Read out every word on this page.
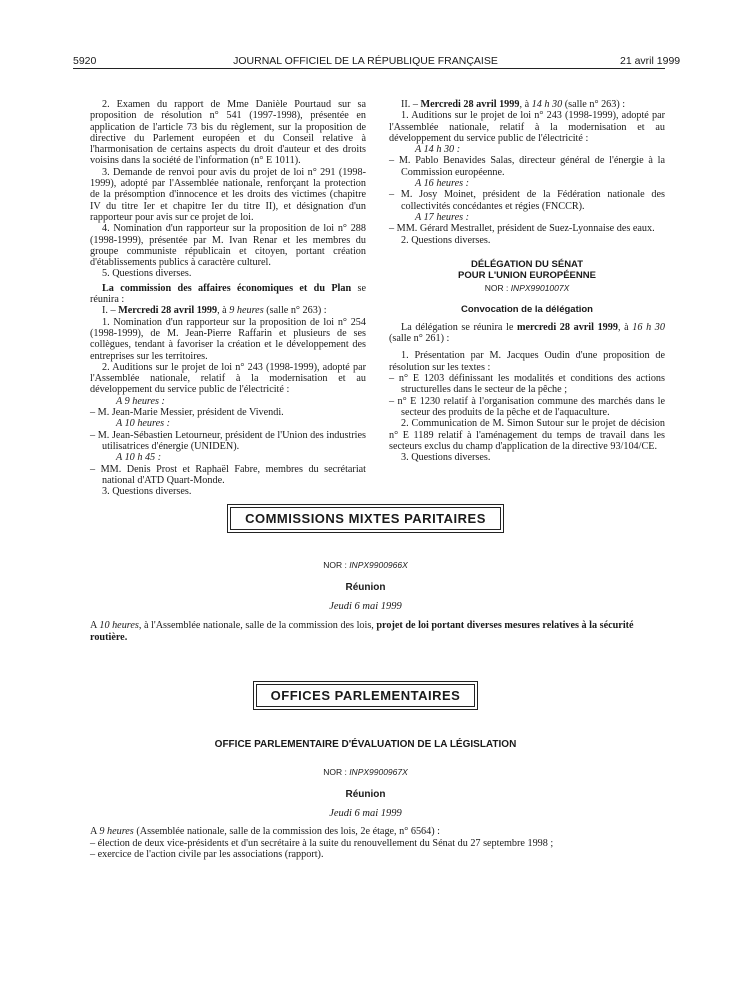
5920	JOURNAL OFFICIEL DE LA RÉPUBLIQUE FRANÇAISE	21 avril 1999

2. Examen du rapport de Mme Danièle Pourtaud sur sa proposition de résolution n° 541 (1997-1998), présentée en application de l'article 73 bis du règlement, sur la proposition de directive du Parlement européen et du Conseil relative à l'harmonisation de certains aspects du droit d'auteur et des droits voisins dans la société de l'information (n° E 1011).

3. Demande de renvoi pour avis du projet de loi n° 291 (1998-1999), adopté par l'Assemblée nationale, renforçant la protection de la présomption d'innocence et les droits des victimes (chapitre IV du titre Ier et chapitre Ier du titre II), et désignation d'un rapporteur pour avis sur ce projet de loi.

4. Nomination d'un rapporteur sur la proposition de loi n° 288 (1998-1999), présentée par M. Ivan Renar et les membres du groupe communiste républicain et citoyen, portant création d'établissements publics à caractère culturel.

5. Questions diverses.

La commission des affaires économiques et du Plan se réunira :

I. – Mercredi 28 avril 1999, à 9 heures (salle n° 263) :

1. Nomination d'un rapporteur sur la proposition de loi n° 254 (1998-1999), de M. Jean-Pierre Raffarin et plusieurs de ses collègues, tendant à favoriser la création et le développement des entreprises sur les territoires.

2. Auditions sur le projet de loi n° 243 (1998-1999), adopté par l'Assemblée nationale, relatif à la modernisation et au développement du service public de l'électricité :

A 9 heures :

– M. Jean-Marie Messier, président de Vivendi.

A 10 heures :

– M. Jean-Sébastien Letourneur, président de l'Union des industries utilisatrices d'énergie (UNIDEN).

A 10 h 45 :

– MM. Denis Prost et Raphaël Fabre, membres du secrétariat national d'ATD Quart-Monde.

3. Questions diverses.

II. – Mercredi 28 avril 1999, à 14 h 30 (salle n° 263) :

1. Auditions sur le projet de loi n° 243 (1998-1999), adopté par l'Assemblée nationale, relatif à la modernisation et au développement du service public de l'électricité :

A 14 h 30 :

– M. Pablo Benavides Salas, directeur général de l'énergie à la Commission européenne.

A 16 heures :

– M. Josy Moinet, président de la Fédération nationale des collectivités concédantes et régies (FNCCR).

A 17 heures :

– MM. Gérard Mestrallet, président de Suez-Lyonnaise des eaux.

2. Questions diverses.

DÉLÉGATION DU SÉNAT

POUR L'UNION EUROPÉENNE

NOR : INPX9901007X

Convocation de la délégation

La délégation se réunira le mercredi 28 avril 1999, à 16 h 30 (salle n° 261) :

1. Présentation par M. Jacques Oudin d'une proposition de résolution sur les textes :

– n° E 1203 définissant les modalités et conditions des actions structurelles dans le secteur de la pêche ;

– n° E 1230 relatif à l'organisation commune des marchés dans le secteur des produits de la pêche et de l'aquaculture.

2. Communication de M. Simon Sutour sur le projet de décision n° E 1189 relatif à l'aménagement du temps de travail dans les secteurs exclus du champ d'application de la directive 93/104/CE.

3. Questions diverses.

COMMISSIONS MIXTES PARITAIRES
NOR : INPX9900966X
Réunion
Jeudi 6 mai 1999

A 10 heures, à l'Assemblée nationale, salle de la commission des lois, projet de loi portant diverses mesures relatives à la sécurité routière.

OFFICES PARLEMENTAIRES
OFFICE PARLEMENTAIRE D'ÉVALUATION DE LA LÉGISLATION
NOR : INPX9900967X
Réunion
Jeudi 6 mai 1999

A 9 heures (Assemblée nationale, salle de la commission des lois, 2e étage, n° 6564) :

– élection de deux vice-présidents et d'un secrétaire à la suite du renouvellement du Sénat du 27 septembre 1998 ;

– exercice de l'action civile par les associations (rapport).
